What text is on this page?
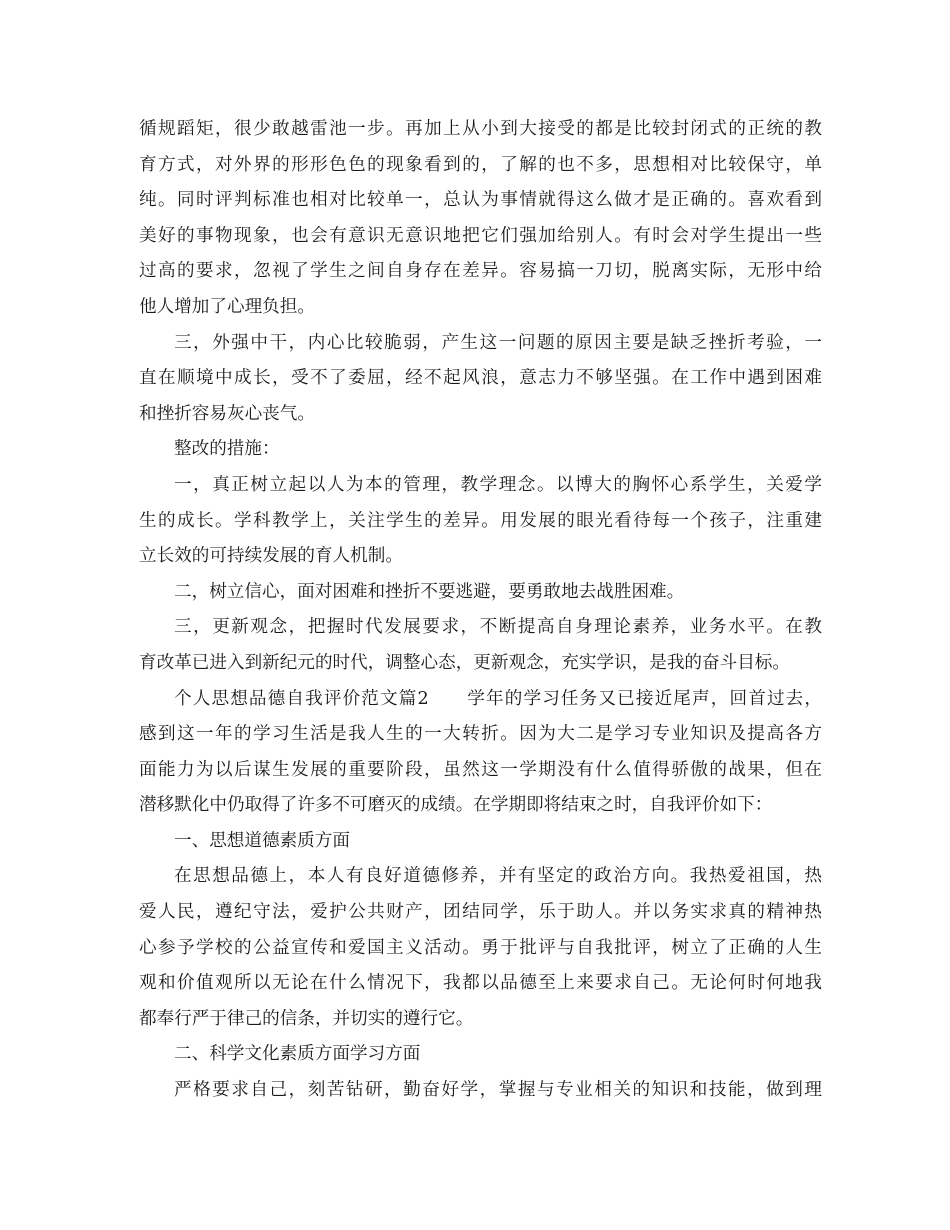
循规蹈矩，很少敢越雷池一步。再加上从小到大接受的都是比较封闭式的正统的教
育方式，对外界的形形色色的现象看到的，了解的也不多，思想相对比较保守，单
纯。同时评判标准也相对比较单一，总认为事情就得这么做才是正确的。喜欢看到
美好的事物现象，也会有意识无意识地把它们强加给别人。有时会对学生提出一些
过高的要求，忽视了学生之间自身存在差异。容易搞一刀切，脱离实际，无形中给
他人增加了心理负担。
三，外强中干，内心比较脆弱，产生这一问题的原因主要是缺乏挫折考验，一
直在顺境中成长，受不了委屈，经不起风浪，意志力不够坚强。在工作中遇到困难
和挫折容易灰心丧气。
整改的措施：
一，真正树立起以人为本的管理，教学理念。以博大的胸怀心系学生，关爱学
生的成长。学科教学上，关注学生的差异。用发展的眼光看待每一个孩子，注重建
立长效的可持续发展的育人机制。
二，树立信心，面对困难和挫折不要逃避，要勇敢地去战胜困难。
三，更新观念，把握时代发展要求，不断提高自身理论素养，业务水平。在教
育改革已进入到新纪元的时代，调整心态，更新观念，充实学识，是我的奋斗目标。
个人思想品德自我评价范文篇2　　学年的学习任务又已接近尾声，回首过去，
感到这一年的学习生活是我人生的一大转折。因为大二是学习专业知识及提高各方
面能力为以后谋生发展的重要阶段，虽然这一学期没有什么值得骄傲的战果，但在
潜移默化中仍取得了许多不可磨灭的成绩。在学期即将结束之时，自我评价如下：
一、思想道德素质方面
在思想品德上，本人有良好道德修养，并有坚定的政治方向。我热爱祖国，热
爱人民，遵纪守法，爱护公共财产，团结同学，乐于助人。并以务实求真的精神热
心参予学校的公益宣传和爱国主义活动。勇于批评与自我批评，树立了正确的人生
观和价值观所以无论在什么情况下，我都以品德至上来要求自己。无论何时何地我
都奉行严于律己的信条，并切实的遵行它。
二、科学文化素质方面学习方面
严格要求自己，刻苦钻研，勤奋好学，掌握与专业相关的知识和技能，做到理
